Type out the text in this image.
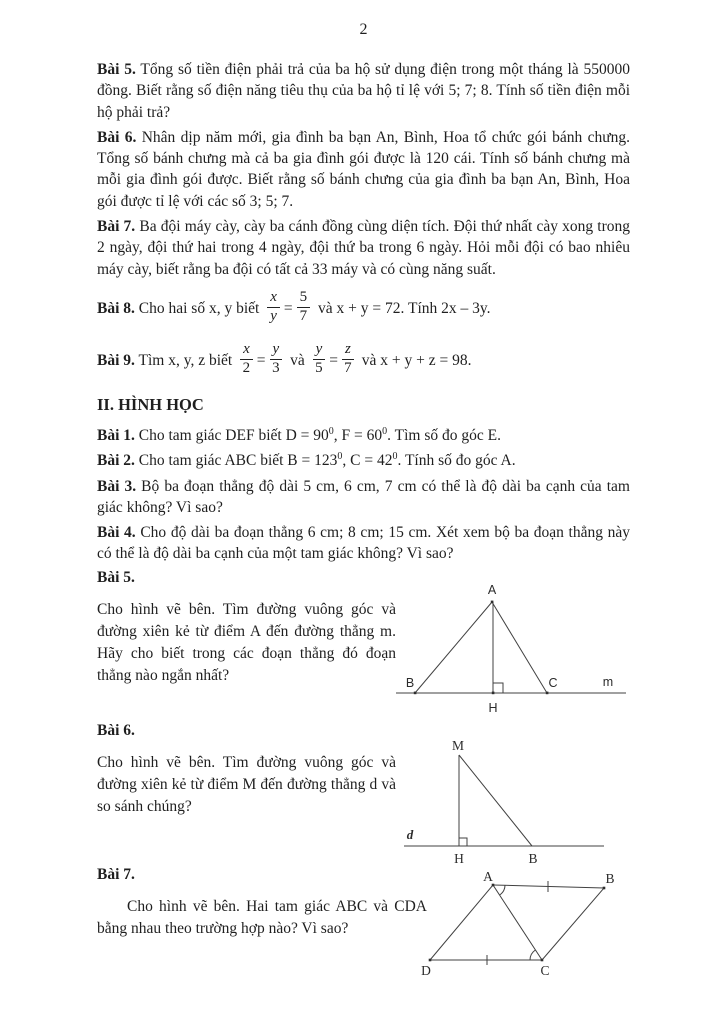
2

Bài 5. Tổng số tiền điện phải trả của ba hộ sử dụng điện trong một tháng là 550000 đồng. Biết rằng số điện năng tiêu thụ của ba hộ tỉ lệ với 5; 7; 8. Tính số tiền điện mỗi hộ phải trả?

Bài 6. Nhân dịp năm mới, gia đình ba bạn An, Bình, Hoa tổ chức gói bánh chưng. Tổng số bánh chưng mà cả ba gia đình gói được là 120 cái. Tính số bánh chưng mà mỗi gia đình gói được. Biết rằng số bánh chưng của gia đình ba bạn An, Bình, Hoa gói được tỉ lệ với các số 3; 5; 7.

Bài 7. Ba đội máy cày, cày ba cánh đồng cùng diện tích. Đội thứ nhất cày xong trong 2 ngày, đội thứ hai trong 4 ngày, đội thứ ba trong 6 ngày. Hỏi mỗi đội có bao nhiêu máy cày, biết rằng ba đội có tất cả 33 máy và có cùng năng suất.

Bài 8. Cho hai số x, y biết $\frac{x}{y} = \frac{5}{7}$ và x + y = 72. Tính 2x – 3y.
Bài 9. Tìm x, y, z biết $\frac{x}{2} = \frac{y}{3}$ và $\frac{y}{5} = \frac{z}{7}$ và x + y + z = 98.

II. HÌNH HỌC

Bài 1. Cho tam giác DEF biết $D = 90^0$, $F = 60^0$. Tìm số đo góc E.

Bài 2. Cho tam giác ABC biết $B = 123^0$, $C = 42^0$. Tính số đo góc A.

Bài 3. Bộ ba đoạn thẳng độ dài 5 cm, 6 cm, 7 cm có thể là độ dài ba cạnh của tam giác không? Vì sao?

Bài 4. Cho độ dài ba đoạn thẳng 6 cm; 8 cm; 15 cm. Xét xem bộ ba đoạn thẳng này có thể là độ dài ba cạnh của một tam giác không? Vì sao?

Bài 5.

Cho hình vẽ bên. Tìm đường vuông góc và đường xiên kẻ từ điểm A đến đường thẳng m. Hãy cho biết trong các đoạn thẳng đó đoạn thẳng nào ngắn nhất?

A
B	C
H
m

Bài 6.

Cho hình vẽ bên. Tìm đường vuông góc và đường xiên kẻ từ điểm M đến đường thẳng d và so sánh chúng?

M
d
H	B

Bài 7.

Cho hình vẽ bên. Hai tam giác ABC và CDA bằng nhau theo trường hợp nào? Vì sao?

A	B
C
D
